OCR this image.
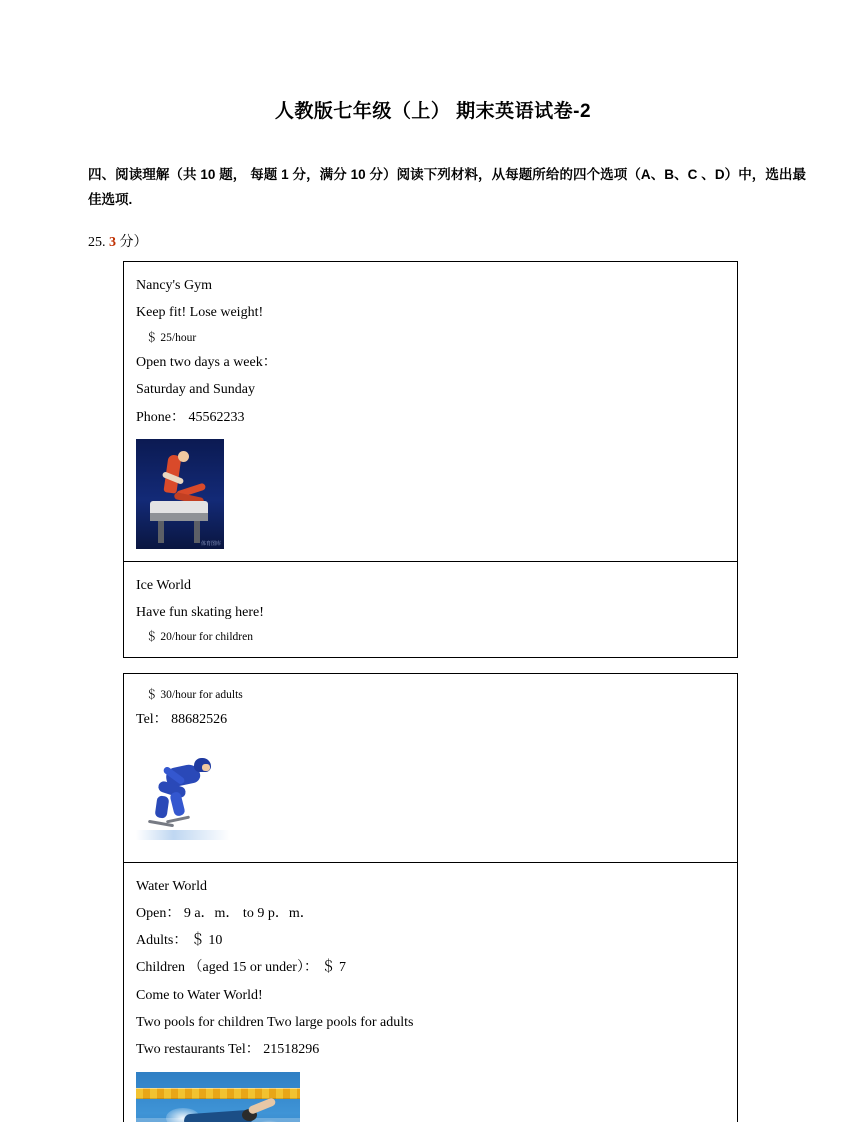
人教版七年级（上） 期末英语试卷-2
四、阅读理解（共 10 题， 每题 1 分，满分 10 分）阅读下列材料，从每题所给的四个选项（A、B、C 、D）中，选出最佳选项.
25. 3 分）
Nancy's Gym
Keep fit! Lose weight!
＄ 25/hour
Open two days a week：
Saturday and Sunday
Phone： 45562233
体育图库
Ice World
Have fun skating here!
＄ 20/hour for children
＄ 30/hour for adults
Tel： 88682526
Water World
Open： 9 a．m． to 9 p．m．
Adults： ＄ 10
Children （aged 15 or under）： ＄ 7
Come to Water World!
Two pools for children Two large pools for adults
Two restaurants Tel： 21518296
